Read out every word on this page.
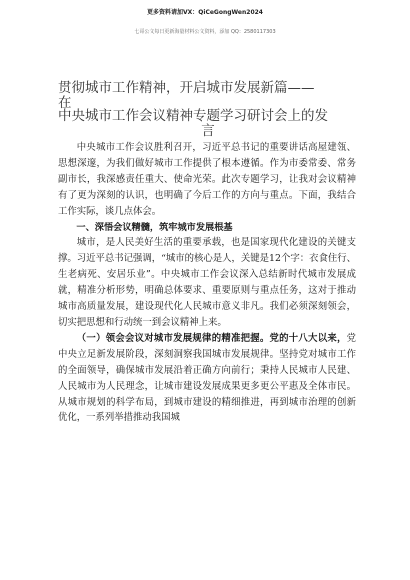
更多资料请加VX：QiCeGongWen2024
七哥公文每日更新海量材料公文资料，添加 QQ：2580117303
贯彻城市工作精神，开启城市发展新篇——
在
中央城市工作会议精神专题学习研讨会上的发
言

中央城市工作会议胜利召开，习近平总书记的重要讲话高屋建瓴、思想深邃，为我们做好城市工作提供了根本遵循。作为市委常委、常务副市长，我深感责任重大、使命光荣。此次专题学习，让我对会议精神有了更为深刻的认识，也明确了今后工作的方向与重点。下面，我结合工作实际，谈几点体会。

一、深悟会议精髓，筑牢城市发展根基

城市，是人民美好生活的重要承载，也是国家现代化建设的关键支撑。习近平总书记强调，“城市的核心是人，关键是12个字：衣食住行、生老病死、安居乐业”。中央城市工作会议深入总结新时代城市发展成就，精准分析形势，明确总体要求、重要原则与重点任务，这对于推动城市高质量发展，建设现代化人民城市意义非凡。我们必须深刻领会，切实把思想和行动统一到会议精神上来。

（一）领会会议对城市发展规律的精准把握。党的十八大以来，党中央立足新发展阶段，深刻洞察我国城市发展规律。坚持党对城市工作的全面领导，确保城市发展沿着正确方向前行；秉持人民城市人民建、人民城市为人民理念，让城市建设发展成果更多更公平惠及全体市民。从城市规划的科学布局，到城市建设的精细推进，再到城市治理的创新优化，一系列举措推动我国城
